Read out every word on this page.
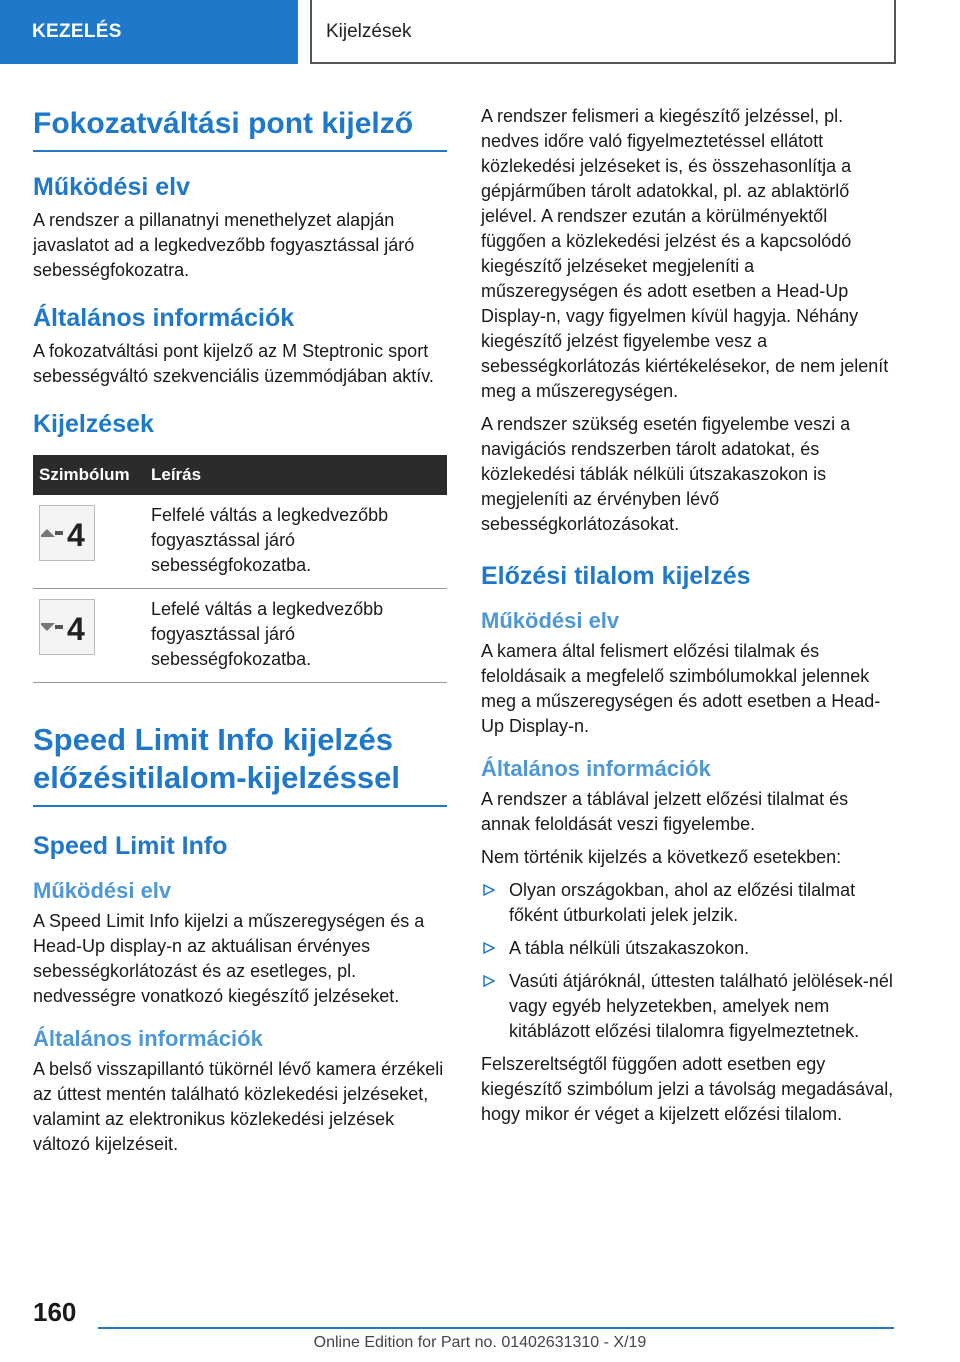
KEZELÉS	Kijelzések
Fokozatváltási pont kijelző
Működési elv

A rendszer a pillanatnyi menethelyzet alapján javaslatot ad a legkedvezőbb fogyasztással járó sebességfokozatra.

Általános információk

A fokozatváltási pont kijelző az M Steptronic sport sebességváltó szekvenciális üzemmódjában aktív.

Kijelzések
Szimbólum	Leírás

4	Felfelé váltás a legkedvezőbb fogyasztással járó sebességfokozatba.

4	Lefelé váltás a legkedvezőbb fogyasztással járó sebességfokozatba.
Speed Limit Info kijelzés előzésitilalom-kijelzéssel
Speed Limit Info
Működési elv

A Speed Limit Info kijelzi a műszeregységen és a Head-Up display-n az aktuálisan érvényes sebességkorlátozást és az esetleges, pl. nedvességre vonatkozó kiegészítő jelzéseket.

Általános információk

A belső visszapillantó tükörnél lévő kamera érzékeli az úttest mentén található közlekedési jelzéseket, valamint az elektronikus közlekedési jelzések változó kijelzéseit.

A rendszer felismeri a kiegészítő jelzéssel, pl. nedves időre való figyelmeztetéssel ellátott közlekedési jelzéseket is, és összehasonlítja a gépjárműben tárolt adatokkal, pl. az ablaktörlő jelével. A rendszer ezután a körülményektől függően a közlekedési jelzést és a kapcsolódó kiegészítő jelzéseket megjeleníti a műszeregységen és adott esetben a Head-Up Display-n, vagy figyelmen kívül hagyja. Néhány kiegészítő jelzést figyelembe vesz a sebességkorlátozás kiértékelésekor, de nem jelenít meg a műszeregységen.

A rendszer szükség esetén figyelembe veszi a navigációs rendszerben tárolt adatokat, és közlekedési táblák nélküli útszakaszokon is megjeleníti az érvényben lévő sebességkorlátozásokat.

Előzési tilalom kijelzés
Működési elv

A kamera által felismert előzési tilalmak és feloldásaik a megfelelő szimbólumokkal jelennek meg a műszeregységen és adott esetben a Head-Up Display-n.

Általános információk

A rendszer a táblával jelzett előzési tilalmat és annak feloldását veszi figyelembe.

Nem történik kijelzés a következő esetekben:

Olyan országokban, ahol az előzési tilalmat főként útburkolati jelek jelzik.
A tábla nélküli útszakaszokon.
Vasúti átjáróknál, úttesten található jelölések-nél vagy egyéb helyzetekben, amelyek nem kitáblázott előzési tilalomra figyelmeztetnek.

Felszereltségtől függően adott esetben egy kiegészítő szimbólum jelzi a távolság megadásával, hogy mikor ér véget a kijelzett előzési tilalom.

160
Online Edition for Part no. 01402631310 - X/19
